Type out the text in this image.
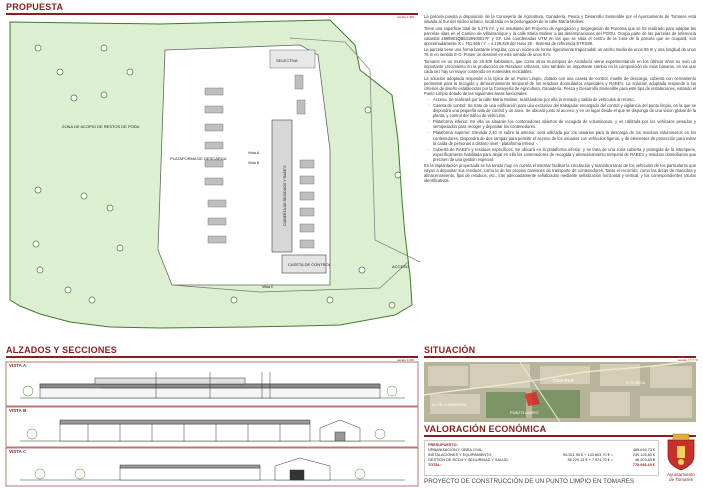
PROPUESTA
escala 1:400
ALZADOS Y SECCIONES
escala 1:200
SITUACIÓN
escala 1:5.000
VALORACIÓN ECONÓMICA
SELECTIVA
ZONA DE ACOPIO DE RESTOS DE PODA
PLATAFORMA DE DESCARGA
CUBIERTA DE RESIDUOS Y RAEE'S
Vista A
Vista B
Vista C
CASETA DE CONTROL	ACCESO
TOMARES
PUNTO LIMPIO
Av. DE LA ARBOLEDA
C/ FLORIDA
VISTA A
VISTA B
VISTA C

La parcela puesta a disposición de la Consejería de Agricultura, Ganadería, Pesca y Desarrollo Sostenible por el Ayuntamiento de Tomares está situada al Sur del núcleo urbano, localizada en la prolongación de la calle María Moliner.

Tiene una superficie total de 5.375 m², y es resultante del Proyecto de Agregación y Segregación de Parcelas que se ha realizado para adaptar las parcelas sitas en el Camino de Villamanrique y la calle María Moliner a las determinaciones del PGOU. Ocupa parte de las parcelas de referencia catastral 1695901QB6319N0001YF y GF. Las coordenadas UTM en las que se sitúa el centro de la zona de la parcela que se ocupará, son aproximadamente X = 761.565 / Y = 4.139.325 del Huso 29 - Sistema de referencia ETRS89.

La parcela tiene una forma bastante irregular, con un núcleo de forma ligeramente trapezoidal; un ancho medio de unos 65 m y una longitud de unos 75 m en sentido E-O. Posee un desnivel en este sentido de unos 9 m.

Tomares es un municipio de 25.309 habitantes, que como otros municipios de Andalucía viene experimentando en los últimos años no solo un importante crecimiento en la producción de Residuos Urbanos, sino también un importante cambio en la composición de esas basuras, en las que cada vez hay un mayor contenido en materiales reciclables.

La solución adoptada responde a la típica de un Punto Limpio, dotado con una caseta de control, muelle de descarga, cubierta con cerramiento perimetral para la recogida y almacenamiento temporal de los residuos domiciliarios especiales y RAEE's. La solución adoptada responde a los criterios de diseño establecidos por la Consejería de Agricultura, Ganadería, Pesca y Desarrollo Sostenible para este tipo de instalaciones, estando el Punto Limpio dotado de las siguientes áreas funcionales:

- Acceso: Se realizará por la calle María Moliner, realizándose por ella la entrada y salida de vehículos al recinto.
- Caseta de control: Se trata de una edificación para uso exclusivo del trabajador encargado del control y vigilancia del punto limpio, en la que se dispondrá una pequeña sala de control y un aseo. Se ubicará junto al acceso, y en un lugar desde el que se disponga de una visión global de la planta, y control del tráfico de vehículos.
- Plataforma inferior: En ella se situarán los contenedores abiertos de recogida de voluminosos, y es utilizada por los vehículos pesados y semipesados para recoger y depositar los contenedores.
- Plataforma superior: Elevada 2,40 m sobre la anterior, será utilizada por los usuarios para la descarga de los residuos voluminosos en los contenedores. Dispondrá de dos rampas para permitir el acceso de los usuarios con vehículos ligeros, y de elementos de protección para evitar la caída de personas a distinto nivel - plataforma inferior -.
- Cubierta de RAEE's y residuos específicos: Se ubicará en la plataforma inferior, y se trata de una zona cubierta y protegida de la intemperie, específicamente habilitada para alojar en ella los contenedores de recogida y almacenamiento temporal de RAEE's y residuos domiciliarios que precisen de una gestión especial.

En la implantación proyectada se ha tenido muy en cuenta el intentar facilitar la circulación y maniobra tanto de los vehículos de los particulares que vayan a depositar sus residuos, como la de los propios camiones de transporte de contenedores. Tanto el recorrido, como las áreas de maniobra y almacenamiento, fijas de residuos, etc., irán adecuadamente señalizados mediante señalización horizontal y vertical, y los correspondientes rótulos identificativos.

PRESUPUESTO:
URBANIZACIÓN Y OBRA CIVIL:	485.616,73 €
INSTALACIONES Y EQUIPAMIENTO:	95.521,90 € + 143.603,70 € =	239.125,60 €
GESTIÓN DE RCD's Y SEGURIDAD Y SALUD:	38.229,13 € + 7.974,70 € =	46.203,83 €
TOTAL:	770.946,19 €
PROYECTO DE CONSTRUCCIÓN DE UN PUNTO LIMPIO EN TOMARES
Ayuntamiento
de Tomares
